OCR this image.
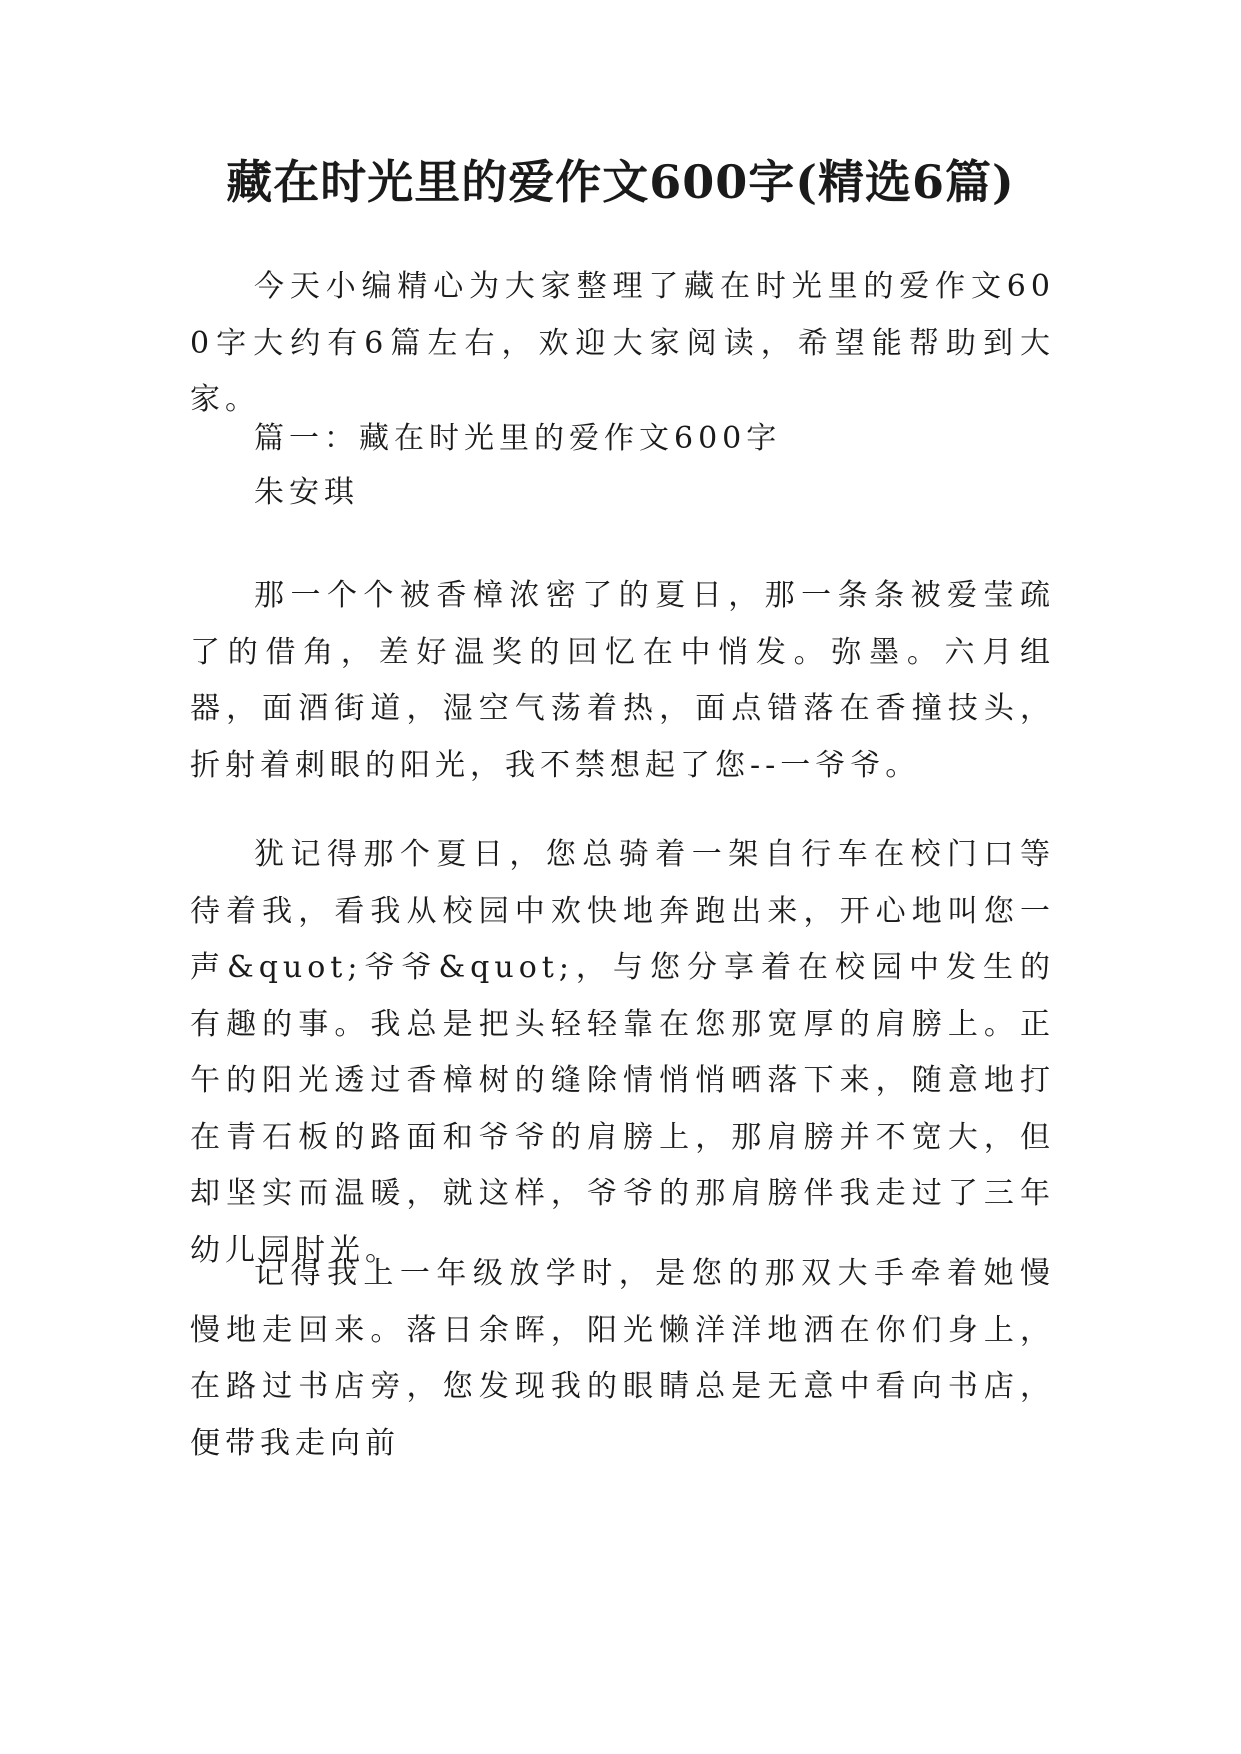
藏在时光里的爱作文600字(精选6篇)

今天小编精心为大家整理了藏在时光里的爱作文600字大约有6篇左右，欢迎大家阅读，希望能帮助到大家。

篇一：藏在时光里的爱作文600字

朱安琪

那一个个被香樟浓密了的夏日，那一条条被爱莹疏了的借角，差好温奖的回忆在中悄发。弥墨。六月组器，面酒街道，湿空气荡着热，面点错落在香撞技头，折射着刺眼的阳光，我不禁想起了您--一爷爷。

犹记得那个夏日，您总骑着一架自行车在校门口等待着我，看我从校园中欢快地奔跑出来，开心地叫您一声&quot;爷爷&quot;，与您分享着在校园中发生的有趣的事。我总是把头轻轻靠在您那宽厚的肩膀上。正午的阳光透过香樟树的缝除情悄悄晒落下来，随意地打在青石板的路面和爷爷的肩膀上，那肩膀并不宽大，但却坚实而温暖，就这样，爷爷的那肩膀伴我走过了三年幼儿园时光。

记得我上一年级放学时，是您的那双大手牵着她慢慢地走回来。落日余晖，阳光懒洋洋地洒在你们身上，在路过书店旁，您发现我的眼睛总是无意中看向书店，便带我走向前
